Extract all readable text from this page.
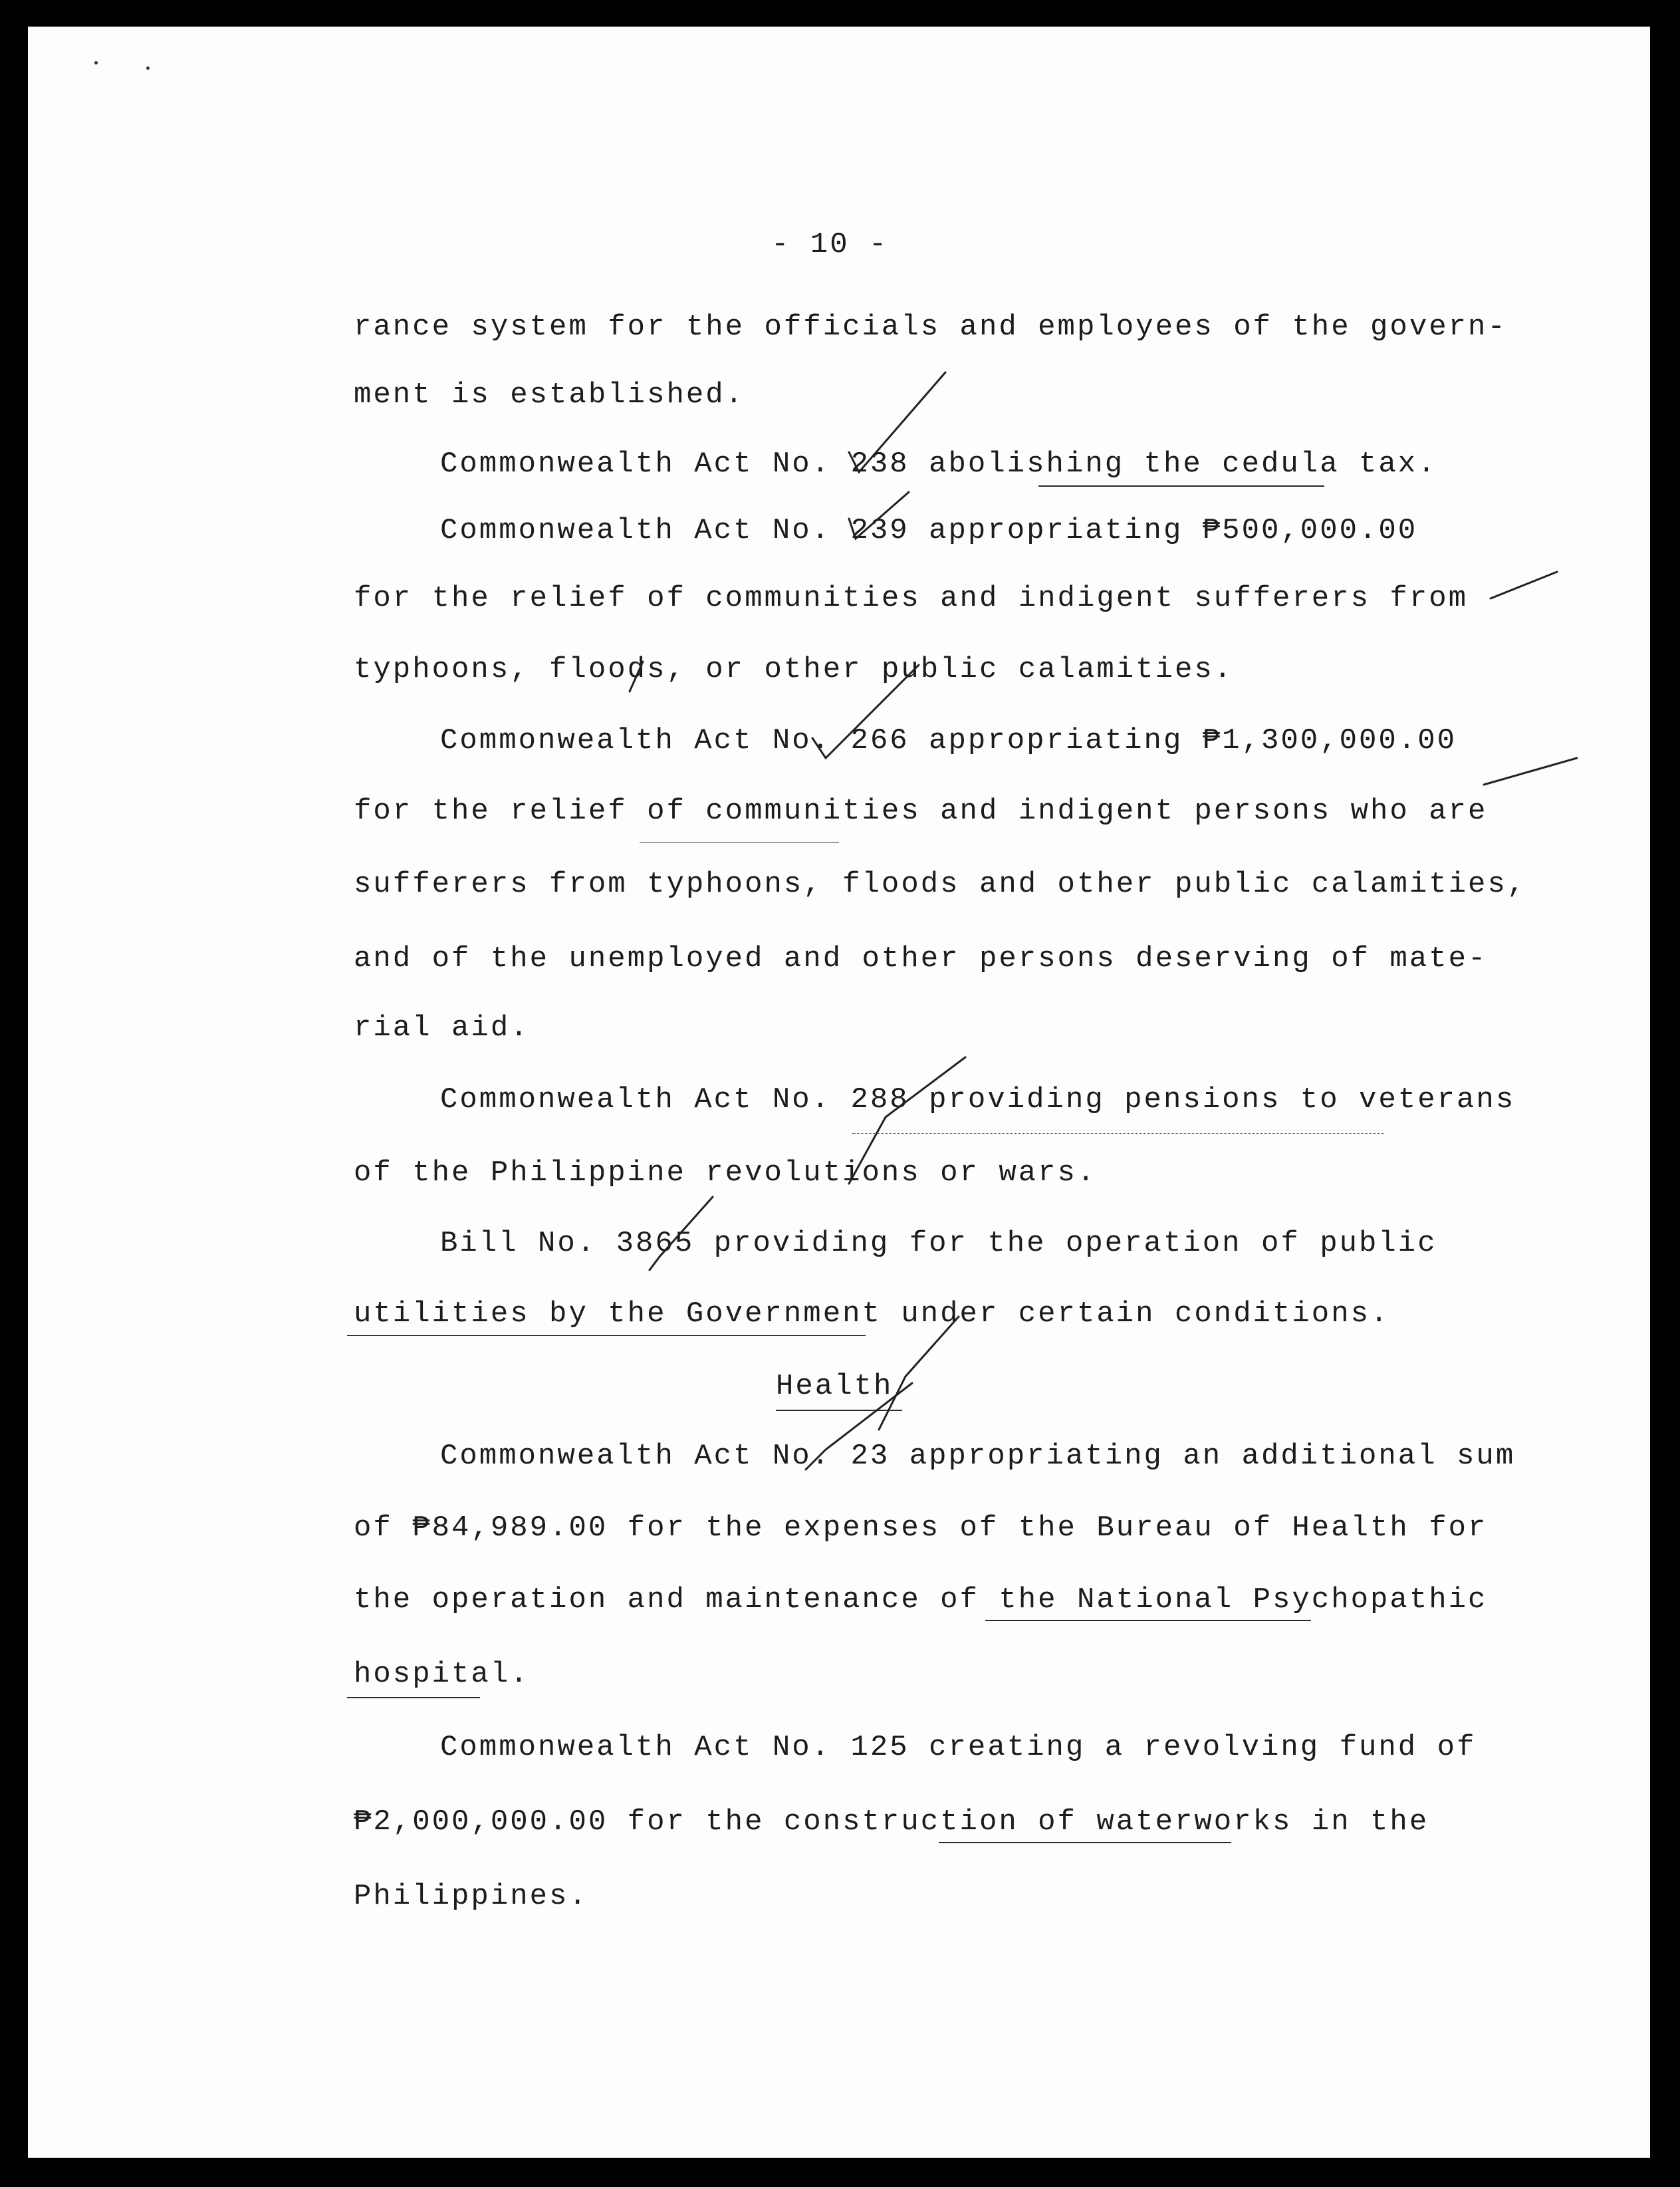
- 10 -
rance system for the officials and employees of the govern-
ment is established.
Commonwealth Act No. 238 abolishing the cedula tax.
Commonwealth Act No. 239 appropriating ₱500,000.00
for the relief of communities and indigent sufferers from
typhoons, floods, or other public calamities.
Commonwealth Act No. 266 appropriating ₱1,300,000.00
for the relief of communities and indigent persons who are
sufferers from typhoons, floods and other public calamities,
and of the unemployed and other persons deserving of mate-
rial aid.
Commonwealth Act No. 288 providing pensions to veterans
of the Philippine revolutions or wars.
Bill No. 3865 providing for the operation of public
utilities by the Government under certain conditions.
Health
Commonwealth Act No. 23 appropriating an additional sum
of ₱84,989.00 for the expenses of the Bureau of Health for
the operation and maintenance of the National Psychopathic
hospital.
Commonwealth Act No. 125 creating a revolving fund of
₱2,000,000.00 for the construction of waterworks in the
Philippines.
